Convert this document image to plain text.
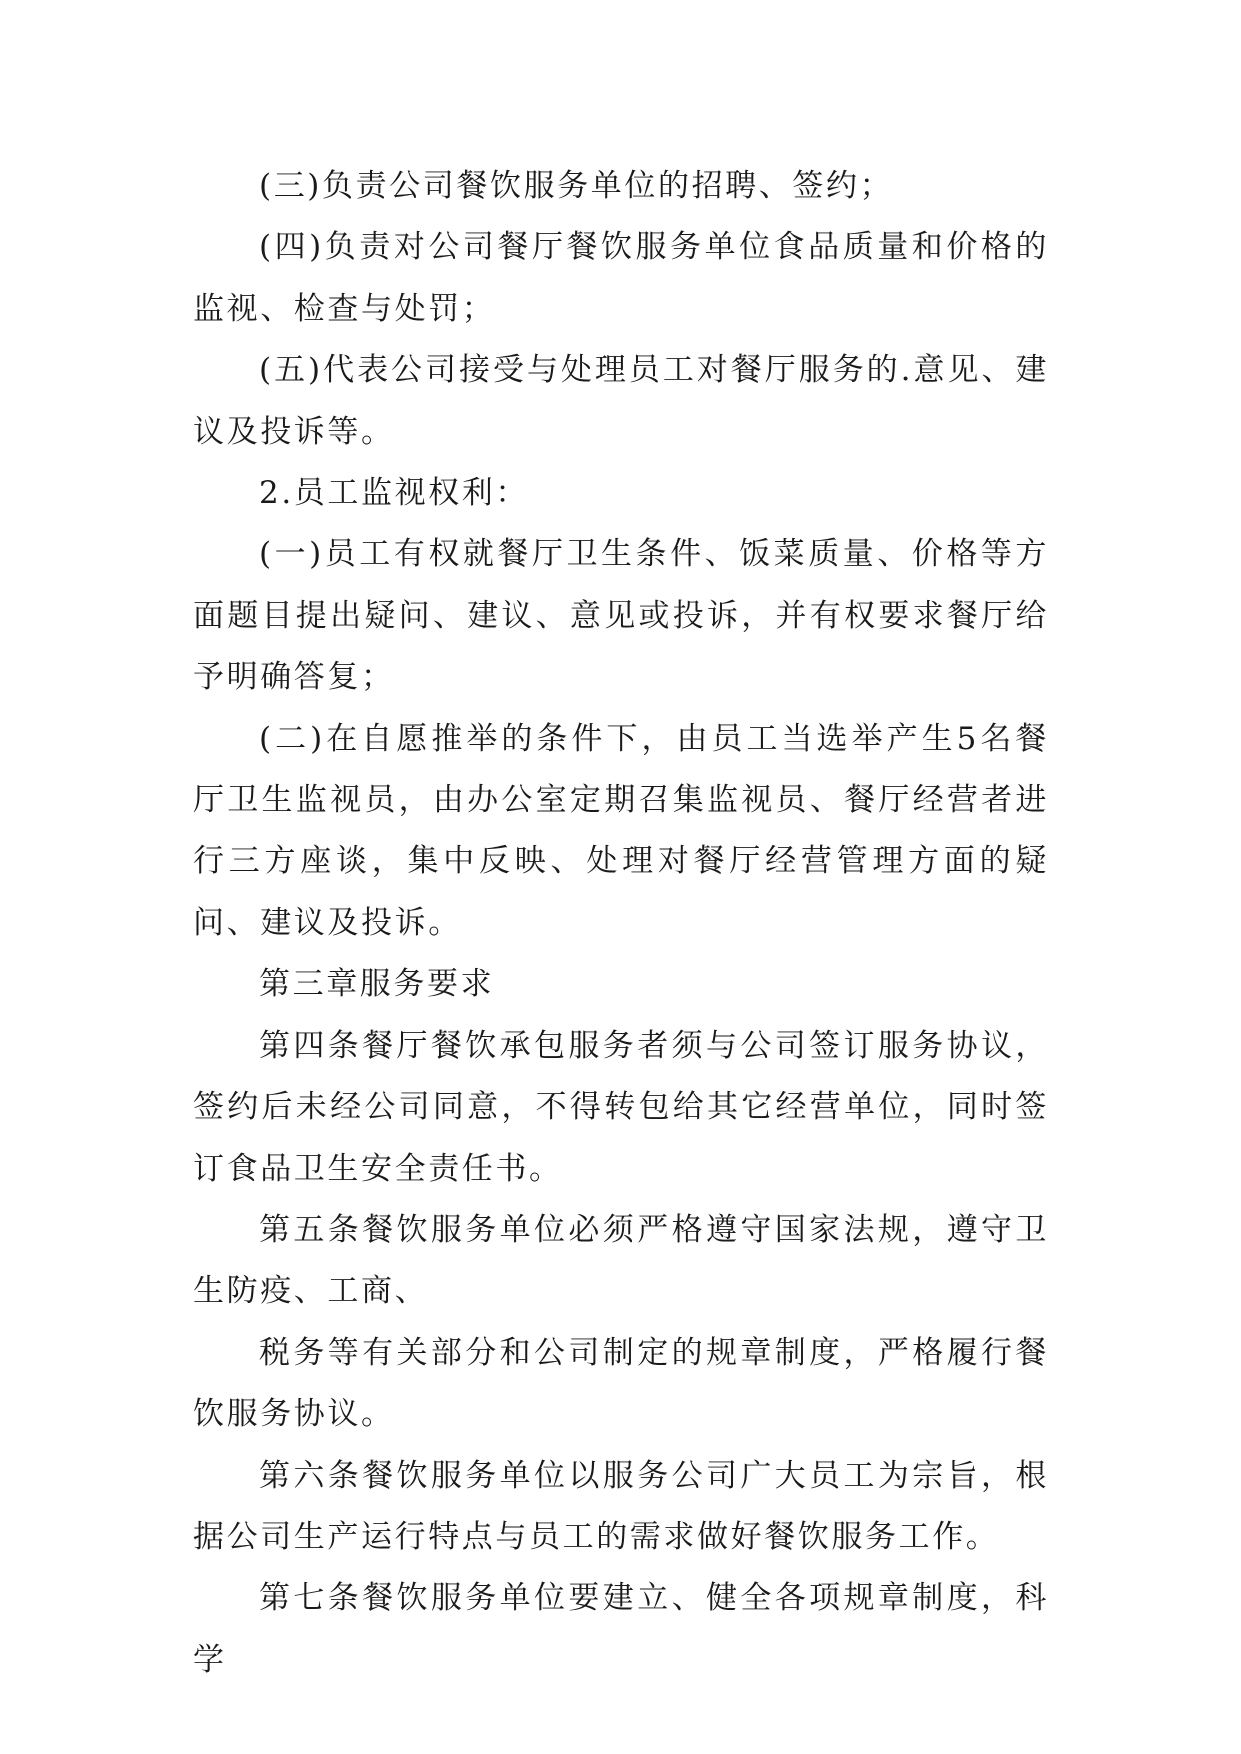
(三)负责公司餐饮服务单位的招聘、签约；

(四)负责对公司餐厅餐饮服务单位食品质量和价格的监视、检查与处罚；

(五)代表公司接受与处理员工对餐厅服务的.意见、建议及投诉等。

2.员工监视权利：

(一)员工有权就餐厅卫生条件、饭菜质量、价格等方面题目提出疑问、建议、意见或投诉，并有权要求餐厅给予明确答复；

(二)在自愿推举的条件下，由员工当选举产生5名餐厅卫生监视员，由办公室定期召集监视员、餐厅经营者进行三方座谈，集中反映、处理对餐厅经营管理方面的疑问、建议及投诉。

第三章服务要求

第四条餐厅餐饮承包服务者须与公司签订服务协议，签约后未经公司同意，不得转包给其它经营单位，同时签订食品卫生安全责任书。

第五条餐饮服务单位必须严格遵守国家法规，遵守卫生防疫、工商、

税务等有关部分和公司制定的规章制度，严格履行餐饮服务协议。

第六条餐饮服务单位以服务公司广大员工为宗旨，根据公司生产运行特点与员工的需求做好餐饮服务工作。

第七条餐饮服务单位要建立、健全各项规章制度，科学
